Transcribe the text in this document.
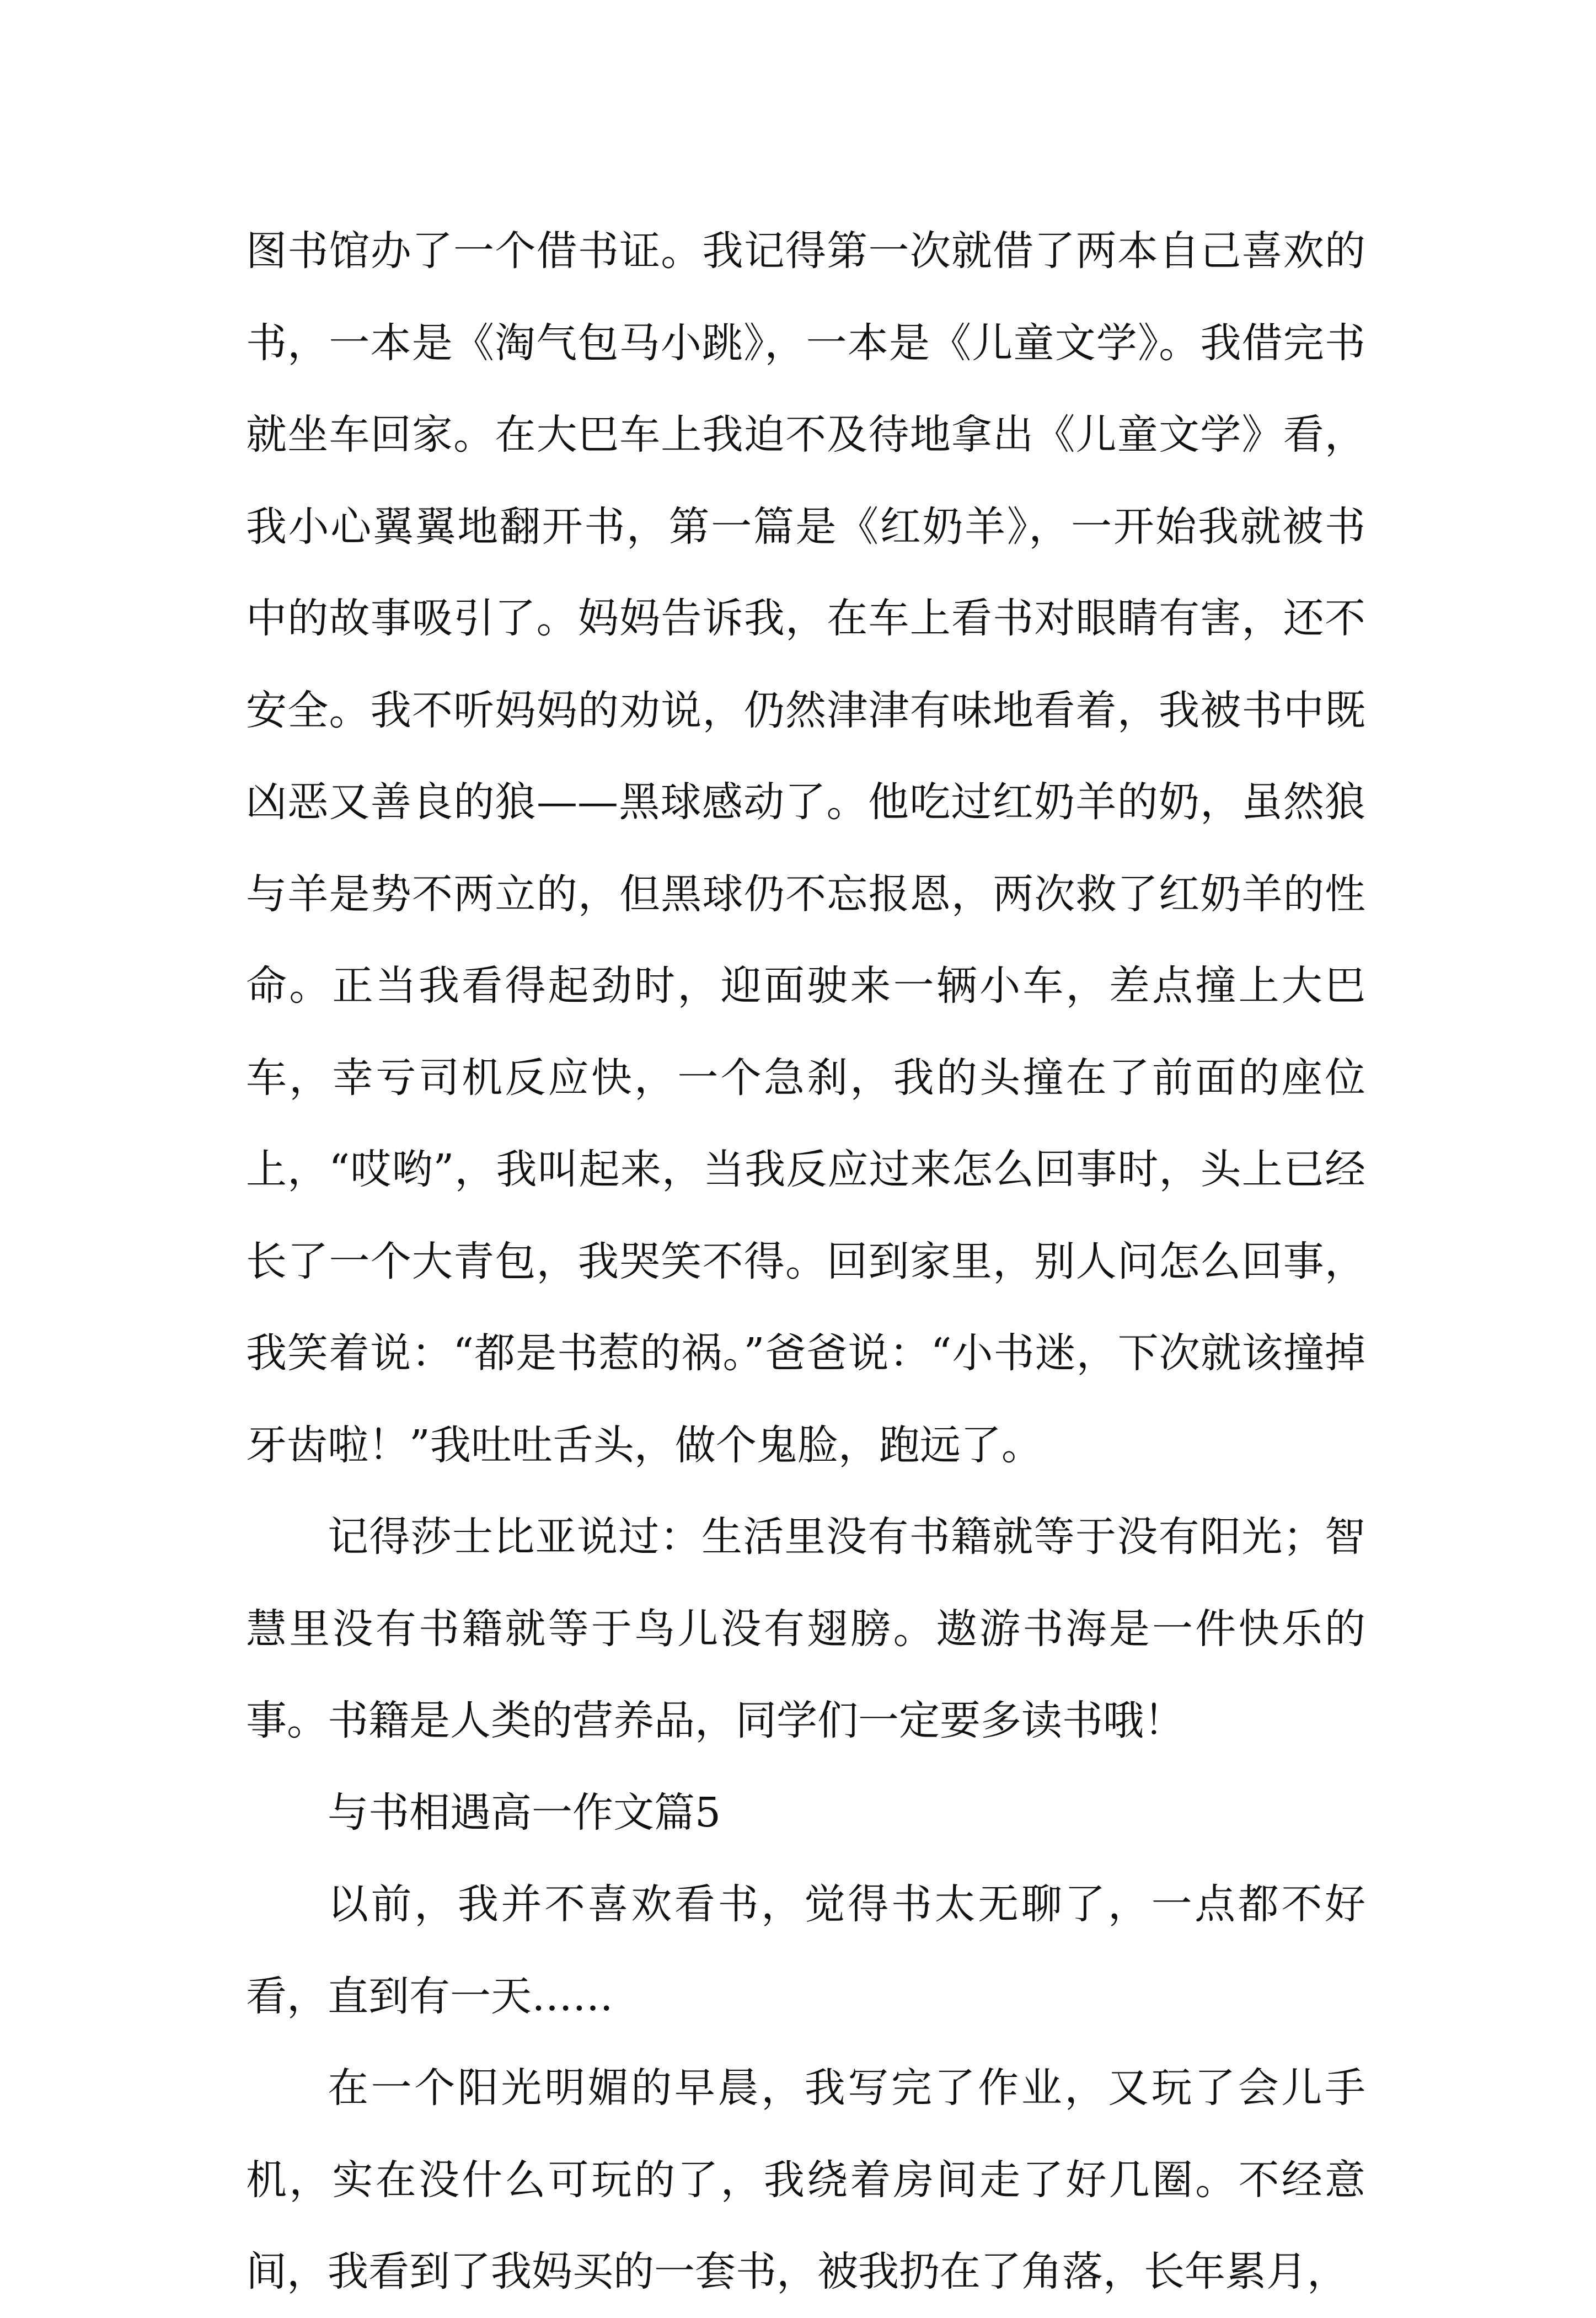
图书馆办了一个借书证。我记得第一次就借了两本自己喜欢的书，一本是《淘气包马小跳》，一本是《儿童文学》。我借完书就坐车回家。在大巴车上我迫不及待地拿出《儿童文学》看，我小心翼翼地翻开书，第一篇是《红奶羊》，一开始我就被书中的故事吸引了。妈妈告诉我，在车上看书对眼睛有害，还不安全。我不听妈妈的劝说，仍然津津有味地看着，我被书中既凶恶又善良的狼——黑球感动了。他吃过红奶羊的奶，虽然狼与羊是势不两立的，但黑球仍不忘报恩，两次救了红奶羊的性命。正当我看得起劲时，迎面驶来一辆小车，差点撞上大巴车，幸亏司机反应快，一个急刹，我的头撞在了前面的座位上，“哎哟”，我叫起来，当我反应过来怎么回事时，头上已经长了一个大青包，我哭笑不得。回到家里，别人问怎么回事，我笑着说：“都是书惹的祸。”爸爸说：“小书迷，下次就该撞掉牙齿啦！”我吐吐舌头，做个鬼脸，跑远了。

记得莎士比亚说过：生活里没有书籍就等于没有阳光；智慧里没有书籍就等于鸟儿没有翅膀。遨游书海是一件快乐的事。书籍是人类的营养品，同学们一定要多读书哦！

与书相遇高一作文篇5

以前，我并不喜欢看书，觉得书太无聊了，一点都不好看，直到有一天……

在一个阳光明媚的早晨，我写完了作业，又玩了会儿手机，实在没什么可玩的了，我绕着房间走了好几圈。不经意间，我看到了我妈买的一套书，被我扔在了角落，长年累月，
